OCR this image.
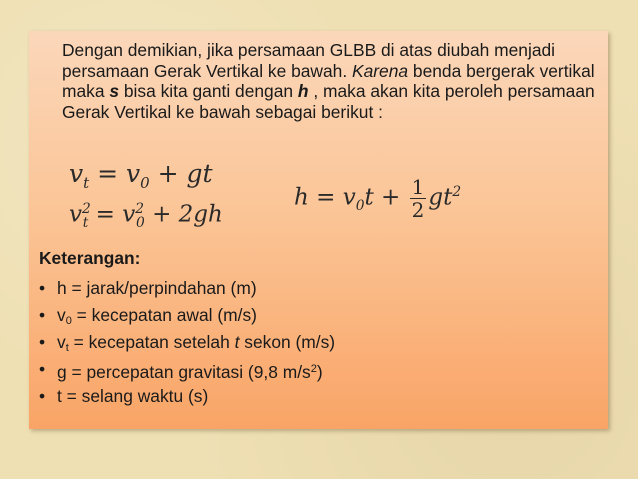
Dengan demikian, jika persamaan GLBB di atas diubah menjadi persamaan Gerak Vertikal ke bawah. Karena benda bergerak vertikal maka s bisa kita ganti dengan h , maka akan kita peroleh persamaan Gerak Vertikal ke bawah sebagai berikut :

$v_t = v_0$ + gt
$v^2_t = v^2_0 + 2gh$
$h = v_0t + \frac{1}{2} gt^2$

Keterangan:

• h = jarak/perpindahan (m)
• $v_0$ = kecepatan awal (m/s)
• $v_t$ = kecepatan setelah t sekon (m/s)
• g = percepatan gravitasi (9,8 $m/s^2$)
• t = selang waktu (s)
